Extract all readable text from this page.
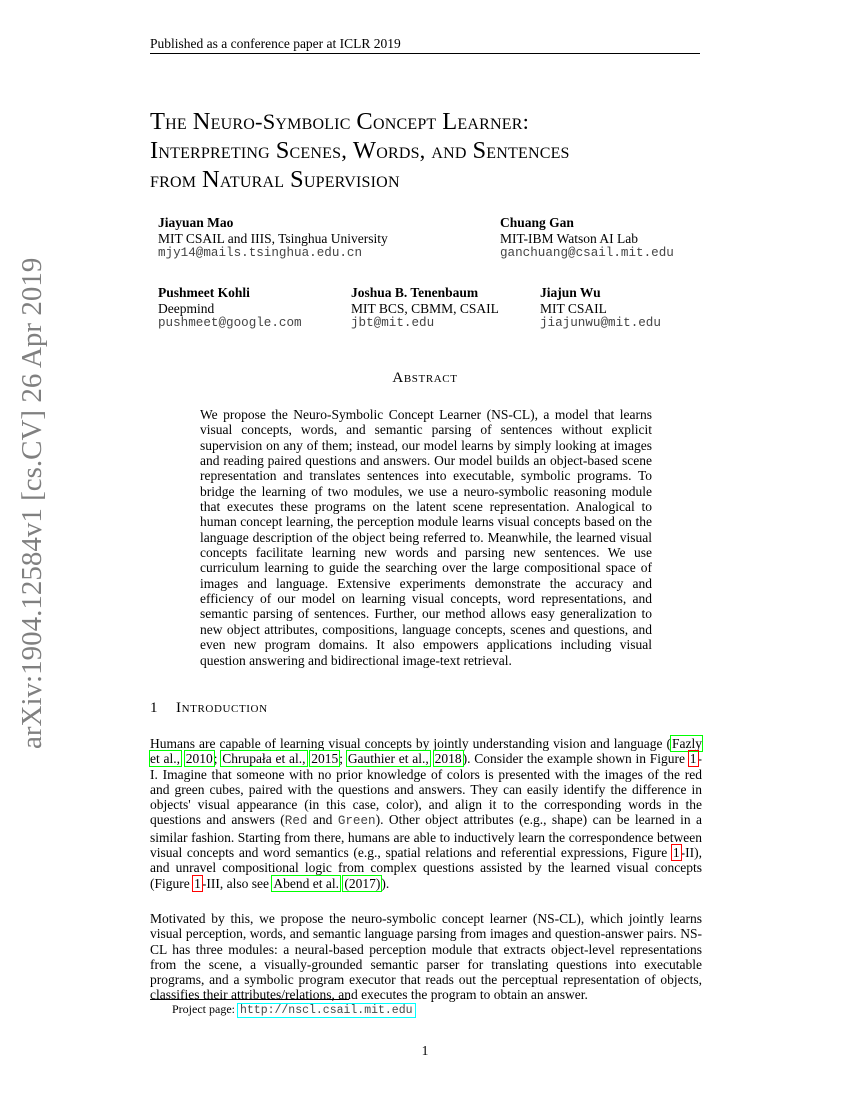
arXiv:1904.12584v1 [cs.CV] 26 Apr 2019
Published as a conference paper at ICLR 2019
The Neuro-Symbolic Concept Learner:
Interpreting Scenes, Words, and Sentences
from Natural Supervision
Jiayuan Mao
MIT CSAIL and IIIS, Tsinghua University
mjy14@mails.tsinghua.edu.cn
Chuang Gan
MIT-IBM Watson AI Lab
ganchuang@csail.mit.edu
Pushmeet Kohli
Deepmind
pushmeet@google.com
Joshua B. Tenenbaum
MIT BCS, CBMM, CSAIL
jbt@mit.edu
Jiajun Wu
MIT CSAIL
jiajunwu@mit.edu
Abstract
We propose the Neuro-Symbolic Concept Learner (NS-CL), a model that learns visual concepts, words, and semantic parsing of sentences without explicit supervision on any of them; instead, our model learns by simply looking at images and reading paired questions and answers. Our model builds an object-based scene representation and translates sentences into executable, symbolic programs. To bridge the learning of two modules, we use a neuro-symbolic reasoning module that executes these programs on the latent scene representation. Analogical to human concept learning, the perception module learns visual concepts based on the language description of the object being referred to. Meanwhile, the learned visual concepts facilitate learning new words and parsing new sentences. We use curriculum learning to guide the searching over the large compositional space of images and language. Extensive experiments demonstrate the accuracy and efficiency of our model on learning visual concepts, word representations, and semantic parsing of sentences. Further, our method allows easy generalization to new object attributes, compositions, language concepts, scenes and questions, and even new program domains. It also empowers applications including visual question answering and bidirectional image-text retrieval.
1 Introduction
Humans are capable of learning visual concepts by jointly understanding vision and language (Fazly et al., 2010; Chrupała et al., 2015; Gauthier et al., 2018). Consider the example shown in Figure 1-I. Imagine that someone with no prior knowledge of colors is presented with the images of the red and green cubes, paired with the questions and answers. They can easily identify the difference in objects' visual appearance (in this case, color), and align it to the corresponding words in the questions and answers (Red and Green). Other object attributes (e.g., shape) can be learned in a similar fashion. Starting from there, humans are able to inductively learn the correspondence between visual concepts and word semantics (e.g., spatial relations and referential expressions, Figure 1-II), and unravel compositional logic from complex questions assisted by the learned visual concepts (Figure 1-III, also see Abend et al. (2017)).
Motivated by this, we propose the neuro-symbolic concept learner (NS-CL), which jointly learns visual perception, words, and semantic language parsing from images and question-answer pairs. NS-CL has three modules: a neural-based perception module that extracts object-level representations from the scene, a visually-grounded semantic parser for translating questions into executable programs, and a symbolic program executor that reads out the perceptual representation of objects, classifies their attributes/relations, and executes the program to obtain an answer.
Project page: http://nscl.csail.mit.edu
1
